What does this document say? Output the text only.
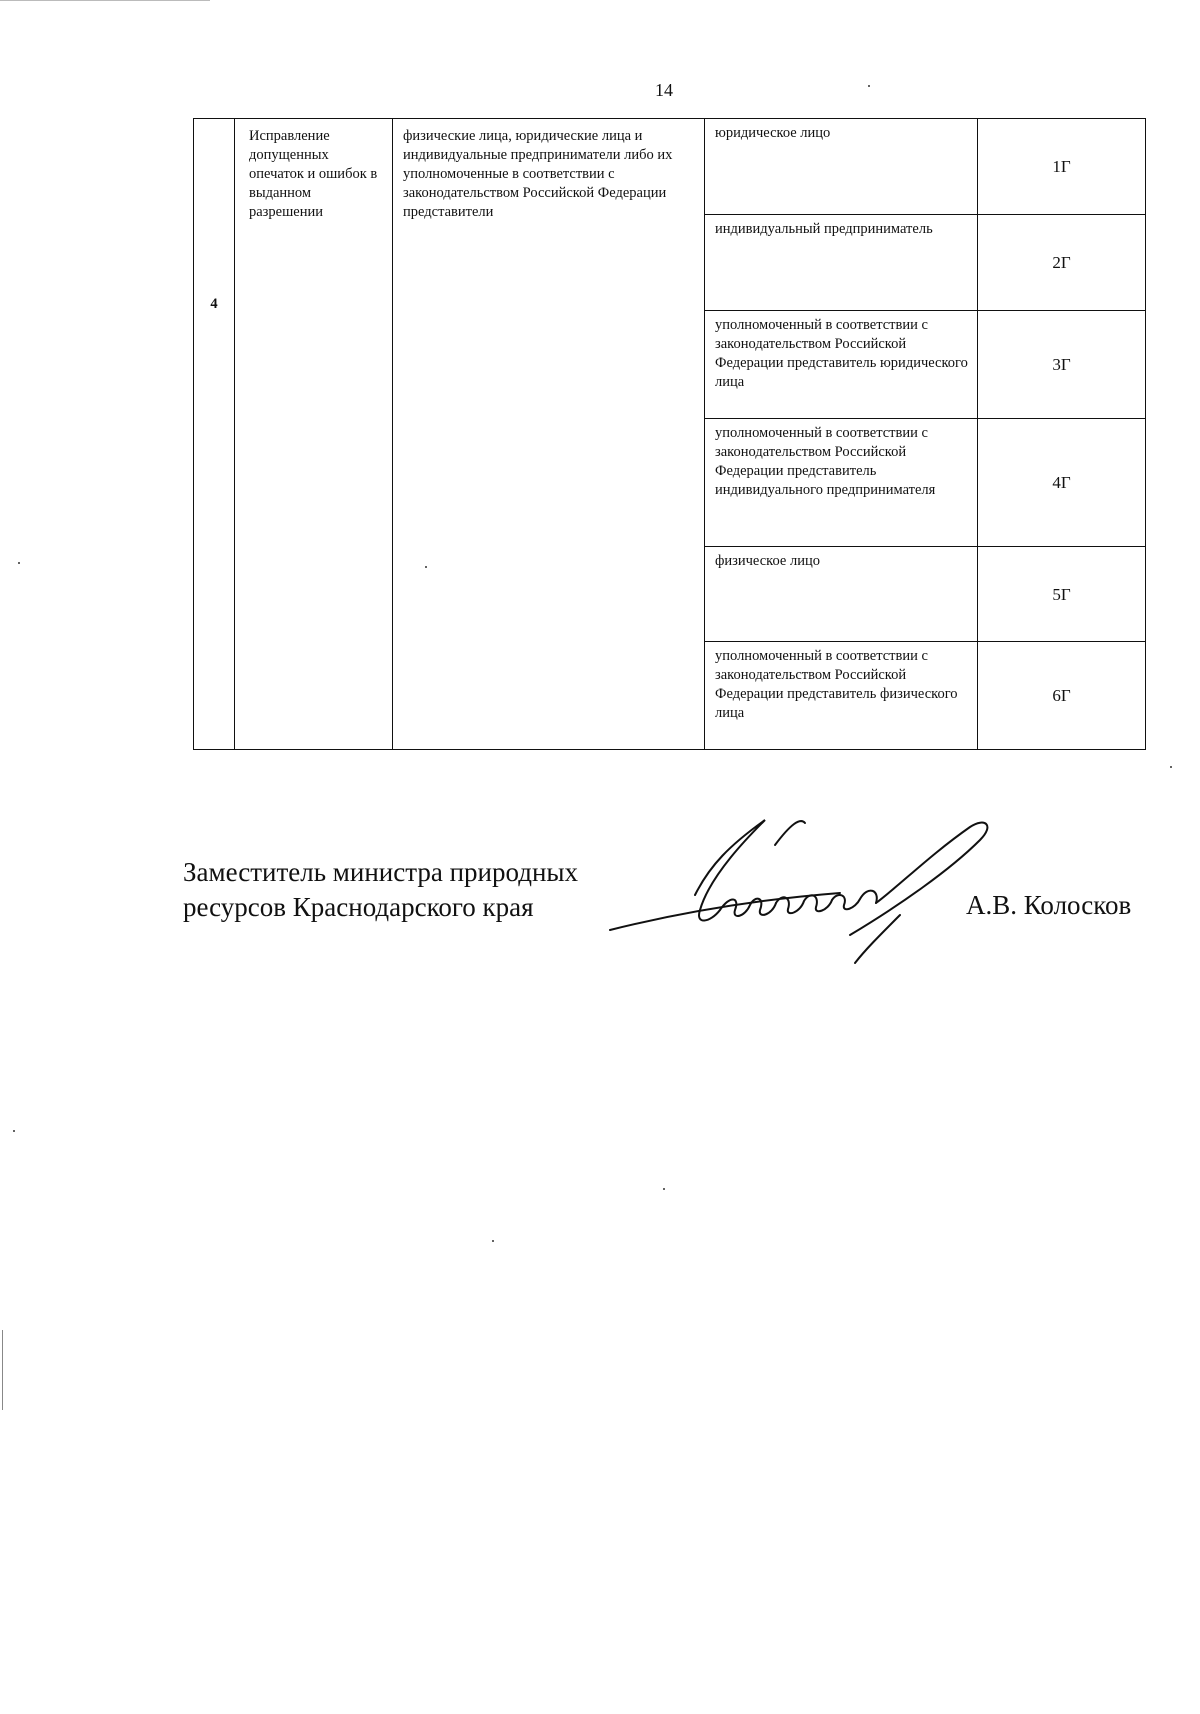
14
4	Исправление допущенных опечаток и ошибок в выданном разрешении	физические лица, юридические лица и индивидуальные предприниматели либо их уполномоченные в соответствии с законодательством Российской Федерации представители	юридическое лицо	1Г

			индивидуальный предприниматель	2Г

			уполномоченный в соответствии с законодательством Российской Федерации представитель юридического лица	3Г

			уполномоченный в соответствии с законодательством Российской Федерации представитель индивидуального предпринимателя	4Г

			физическое лицо	5Г

			уполномоченный в соответствии с законодательством Российской Федерации представитель физического лица	6Г
Заместитель министра природных
ресурсов Краснодарского края	А.В. Колосков
